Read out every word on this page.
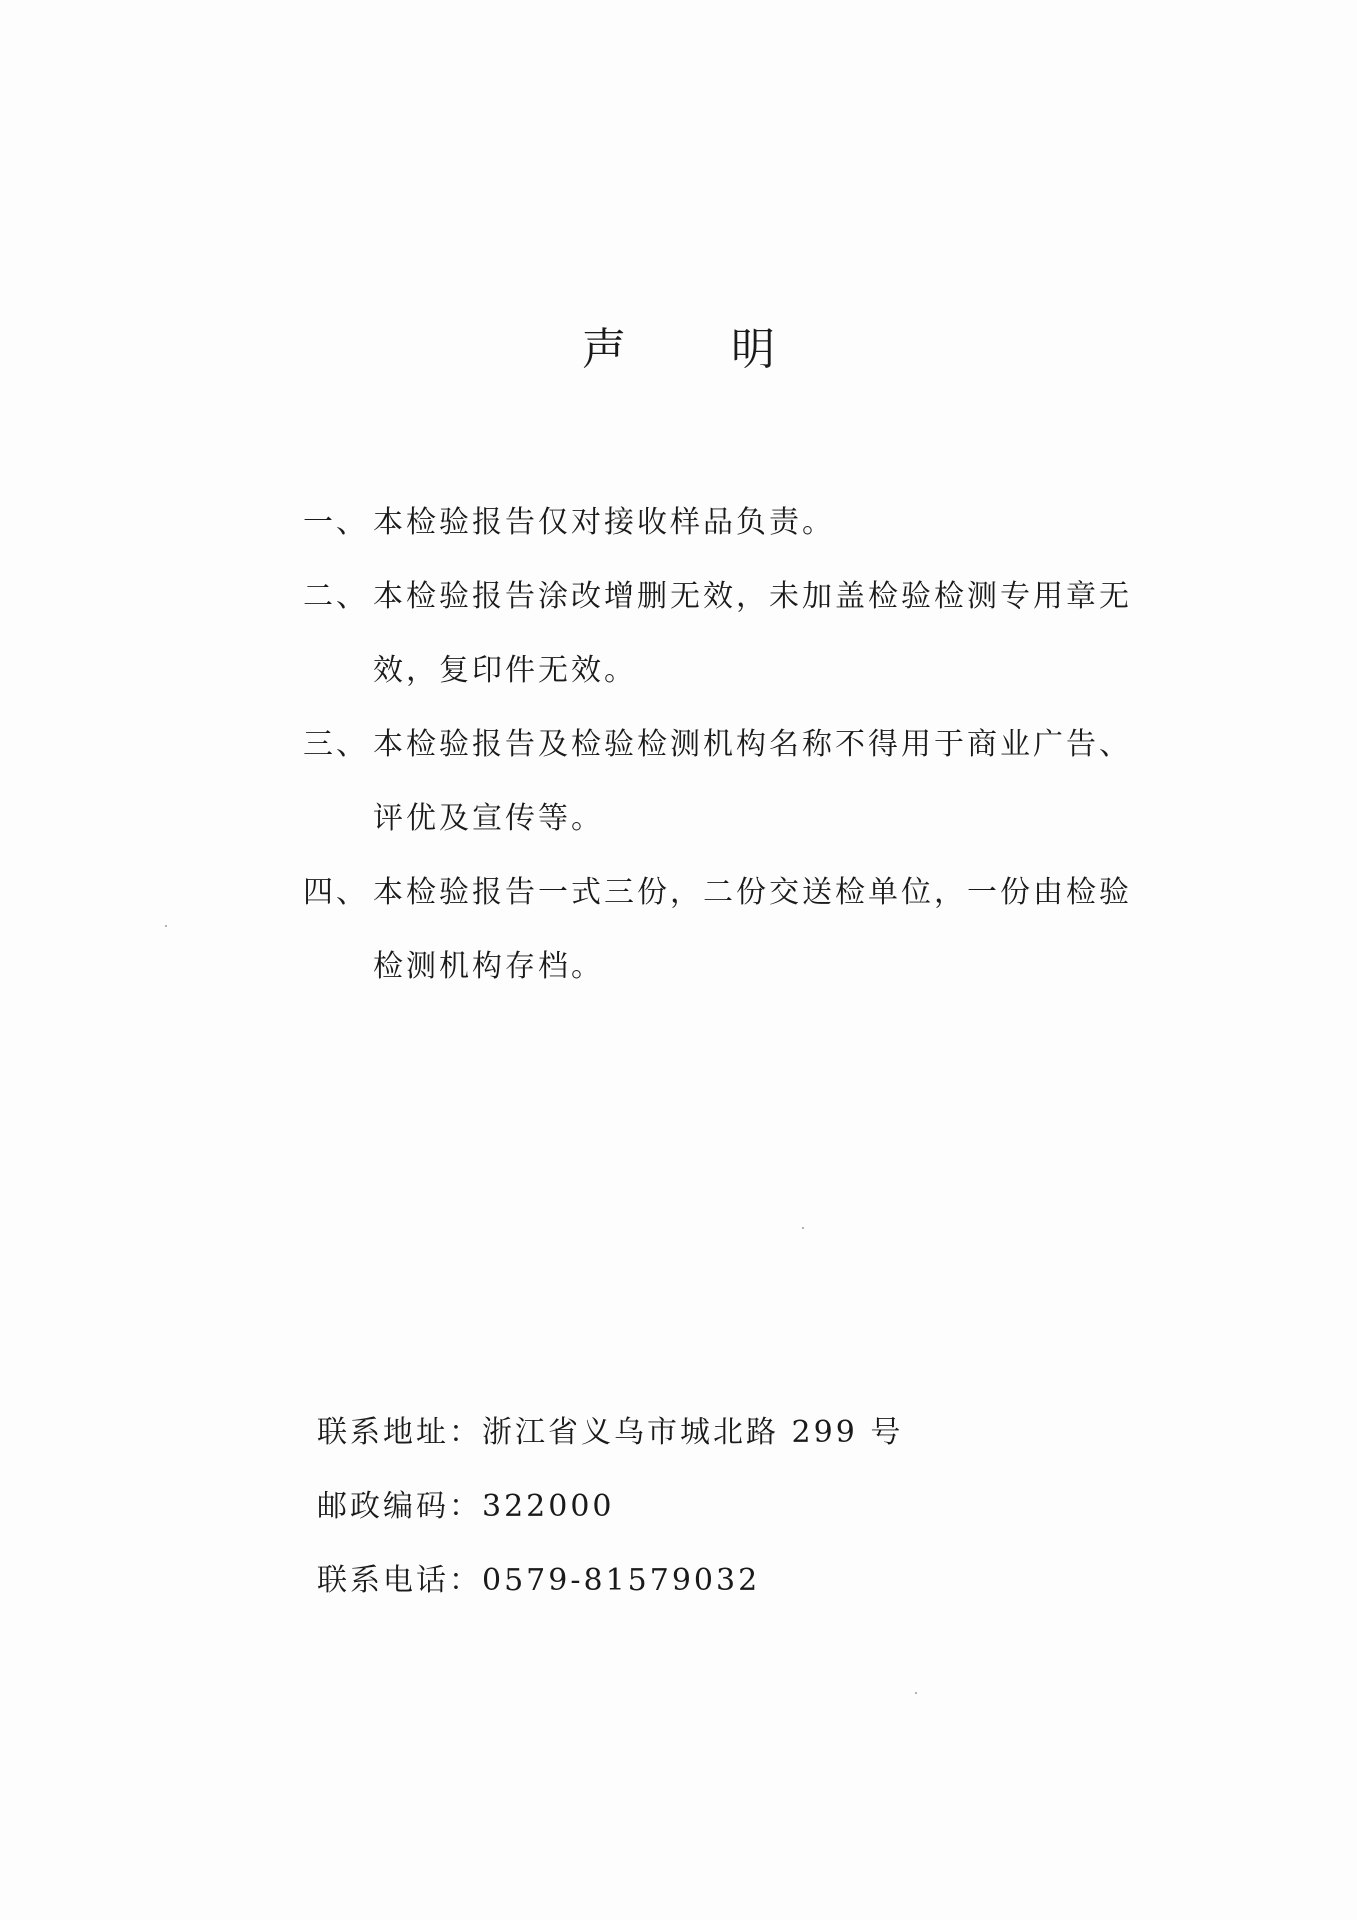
声 明
一、 本检验报告仅对接收样品负责。
二、 本检验报告涂改增删无效，未加盖检验检测专用章无效，复印件无效。
三、 本检验报告及检验检测机构名称不得用于商业广告、评优及宣传等。
四、 本检验报告一式三份，二份交送检单位，一份由检验检测机构存档。
联系地址：浙江省义乌市城北路 299 号
邮政编码：322000
联系电话：0579-81579032
